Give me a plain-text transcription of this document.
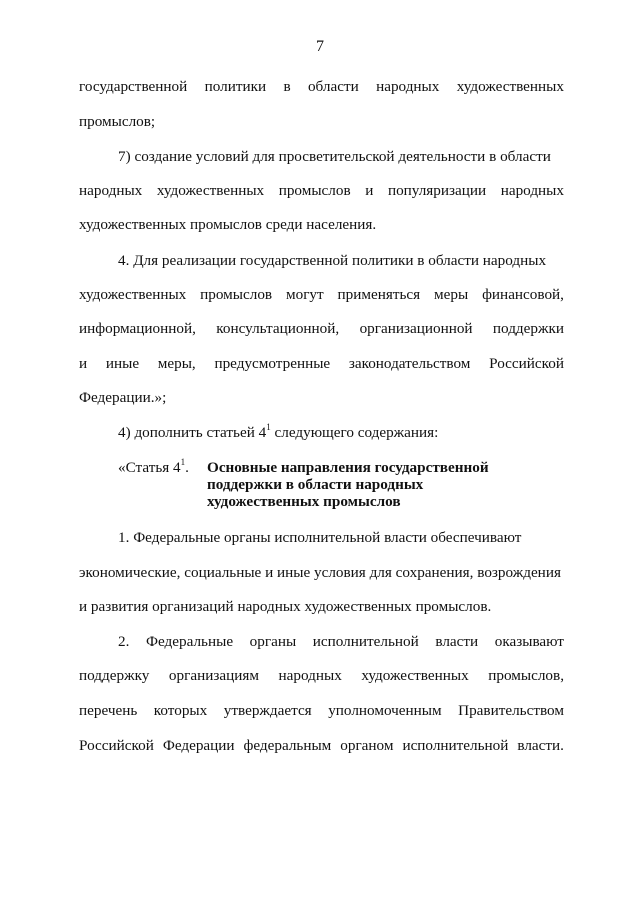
7
государственной политики в области народных художественных
промыслов;
7) создание условий для просветительской деятельности в области
народных художественных промыслов и популяризации народных
художественных промыслов среди населения.
4. Для реализации государственной политики в области народных
художественных промыслов могут применяться меры финансовой,
информационной, консультационной, организационной поддержки
и иные меры, предусмотренные законодательством Российской
Федерации.»;
4) дополнить статьей $4^1$ следующего содержания:
«Статья $4^1$. Основные направления государственной
поддержки в области народных
художественных промыслов
1. Федеральные органы исполнительной власти обеспечивают
экономические, социальные и иные условия для сохранения, возрождения
и развития организаций народных художественных промыслов.
2. Федеральные органы исполнительной власти оказывают
поддержку организациям народных художественных промыслов,
перечень которых утверждается уполномоченным Правительством
Российской Федерации федеральным органом исполнительной власти.
